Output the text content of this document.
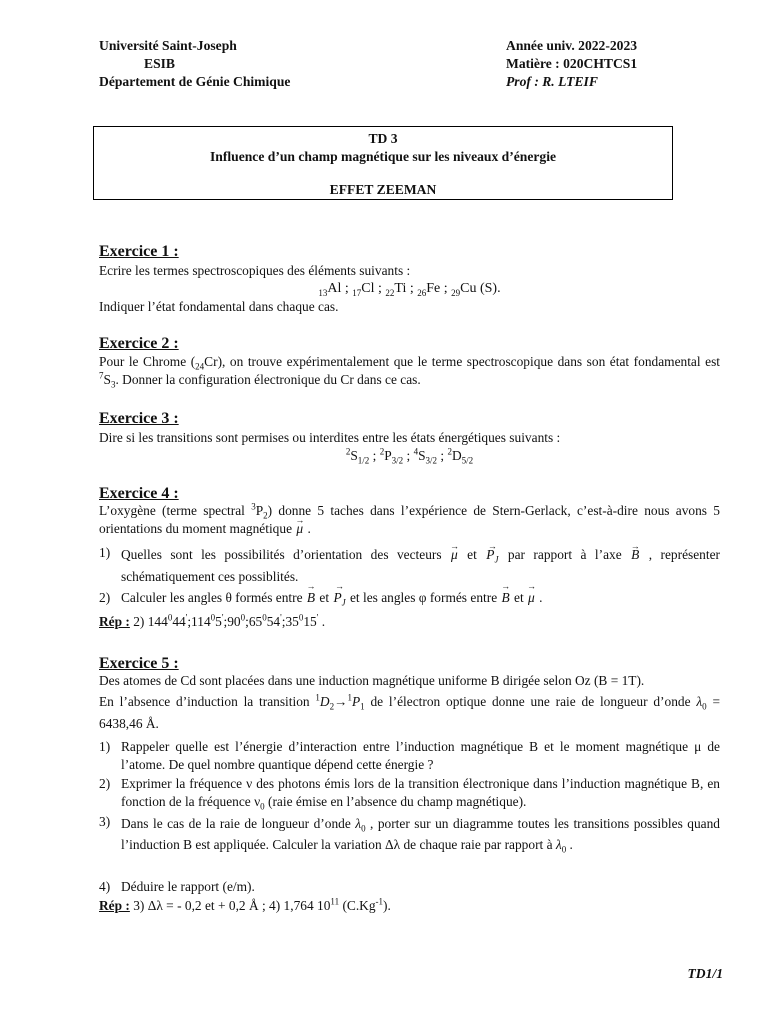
Université Saint-Joseph
ESIB
Département de Génie Chimique
Année univ. 2022-2023
Matière : 020CHTCS1
Prof : R. LTEIF
TD 3
Influence d’un champ magnétique sur les niveaux d’énergie
EFFET ZEEMAN
Exercice 1 :
Ecrire les termes spectroscopiques des éléments suivants :
$_{13}$Al ; $_{17}$Cl ; $_{22}$Ti ; $_{26}$Fe ; $_{29}$Cu (S).
Indiquer l’état fondamental dans chaque cas.
Exercice 2 :
Pour le Chrome $(_{24}Cr)$, on trouve expérimentalement que le terme spectroscopique dans son état fondamental est $^7S_3$. Donner la configuration électronique du Cr dans ce cas.
Exercice 3 :
Dire si les transitions sont permises ou interdites entre les états énergétiques suivants :
$^2S_{1/2}$ ; $^2P_{3/2}$ ; $^4S_{3/2}$ ; $^2D_{5/2}$
Exercice 4 :
L’oxygène (terme spectral $^3P_2$) donne 5 taches dans l’expérience de Stern-Gerlack, c’est-à-dire nous avons 5 orientations du moment magnétique → μ .
1) Quelles sont les possibilités d’orientation des vecteurs → μ et → $P_J$ par rapport à l’axe → B , représenter schématiquement ces possiblités.
2) Calculer les angles θ formés entre → B et → $P_J$ et les angles φ formés entre → B et → μ .
Rép : 2) $144^044';114^05';90^0;65^054';35^015'$ .
Exercice 5 :
Des atomes de Cd sont placées dans une induction magnétique uniforme B dirigée selon Oz (B = 1T).
En l’absence d’induction la transition $^1D_2\to^1P_1$ de l’électron optique donne une raie de longueur d’onde $\lambda_0 = 6438,46$ Å.
1) Rappeler quelle est l’énergie d’interaction entre l’induction magnétique B et le moment magnétique μ de l’atome. De quel nombre quantique dépend cette énergie ?
2) Exprimer la fréquence ν des photons émis lors de la transition électronique dans l’induction magnétique B, en fonction de la fréquence $\nu_0$ (raie émise en l’absence du champ magnétique).
3) Dans le cas de la raie de longueur d’onde $\lambda_0$ , porter sur un diagramme toutes les transitions possibles quand l’induction B est appliquée. Calculer la variation Δλ de chaque raie par rapport à $\lambda_0$ .
4) Déduire le rapport (e/m).
Rép : 3) Δλ = - 0,2 et + 0,2 Å ; 4) 1,764 $10^{11}$ $(C.Kg^{-1})$.
TD1/1
